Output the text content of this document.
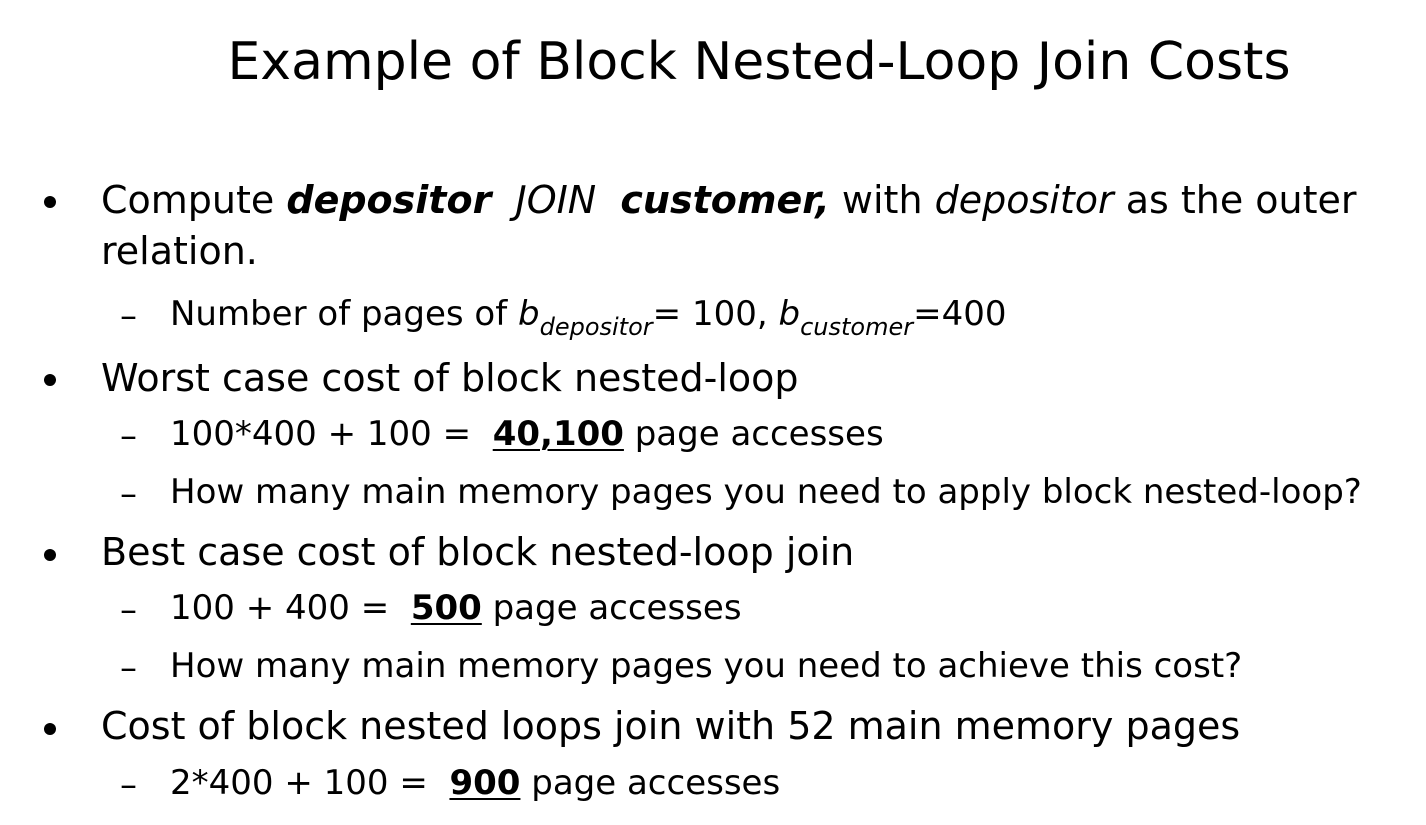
Example of Block Nested-Loop Join Costs
Compute depositor JOIN customer, with depositor as the outer
relation.
– Number of pages of $b_{depositor}= 100$, $b_{customer}=400$
Worst case cost of block nested-loop
– 100*400 + 100 =  40,100 page accesses
– How many main memory pages you need to apply block nested-loop?
Best case cost of block nested-loop join
– 100 + 400 =  500 page accesses
– How many main memory pages you need to achieve this cost?
Cost of block nested loops join with 52 main memory pages
– 2*400 + 100 =  900 page accesses
